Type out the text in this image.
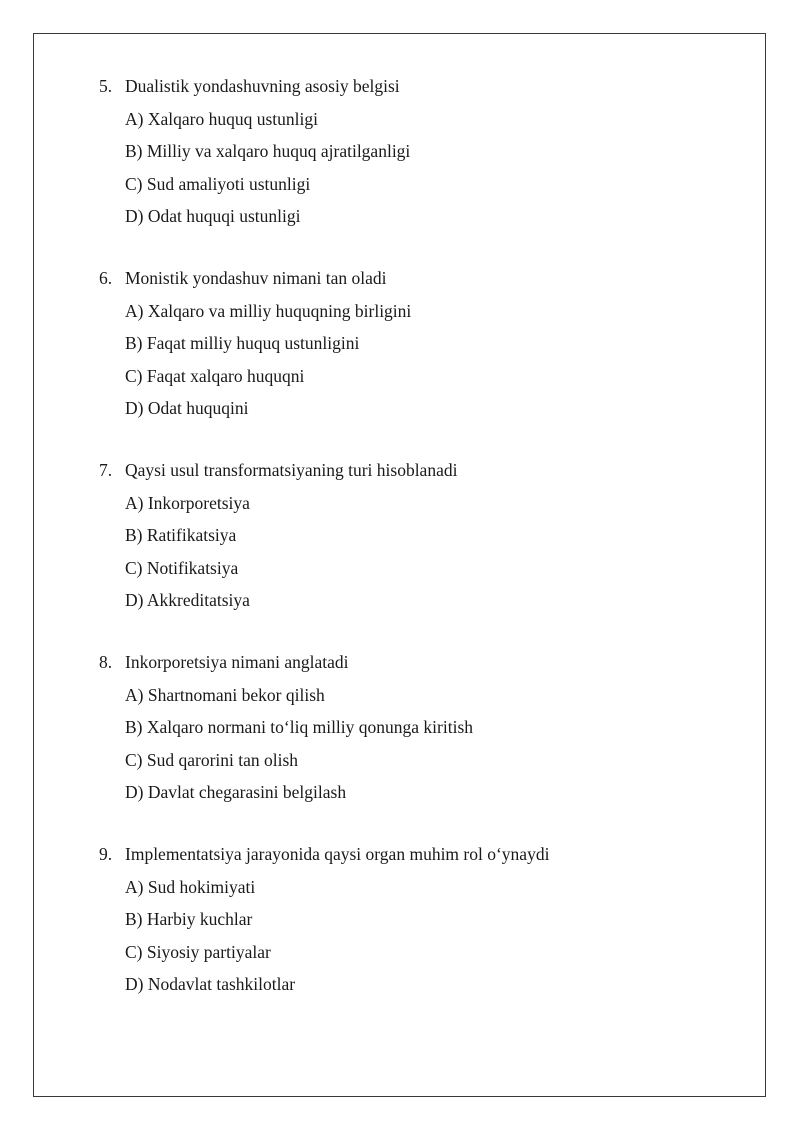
5. Dualistik yondashuvning asosiy belgisi
A) Xalqaro huquq ustunligi
B) Milliy va xalqaro huquq ajratilganligi
C) Sud amaliyoti ustunligi
D) Odat huquqi ustunligi
6. Monistik yondashuv nimani tan oladi
A) Xalqaro va milliy huquqning birligini
B) Faqat milliy huquq ustunligini
C) Faqat xalqaro huquqni
D) Odat huquqini
7. Qaysi usul transformatsiyaning turi hisoblanadi
A) Inkorporetsiya
B) Ratifikatsiya
C) Notifikatsiya
D) Akkreditatsiya
8. Inkorporetsiya nimani anglatadi
A) Shartnomani bekor qilish
B) Xalqaro normani to‘liq milliy qonunga kiritish
C) Sud qarorini tan olish
D) Davlat chegarasini belgilash
9. Implementatsiya jarayonida qaysi organ muhim rol o‘ynaydi
A) Sud hokimiyati
B) Harbiy kuchlar
C) Siyosiy partiyalar
D) Nodavlat tashkilotlar
